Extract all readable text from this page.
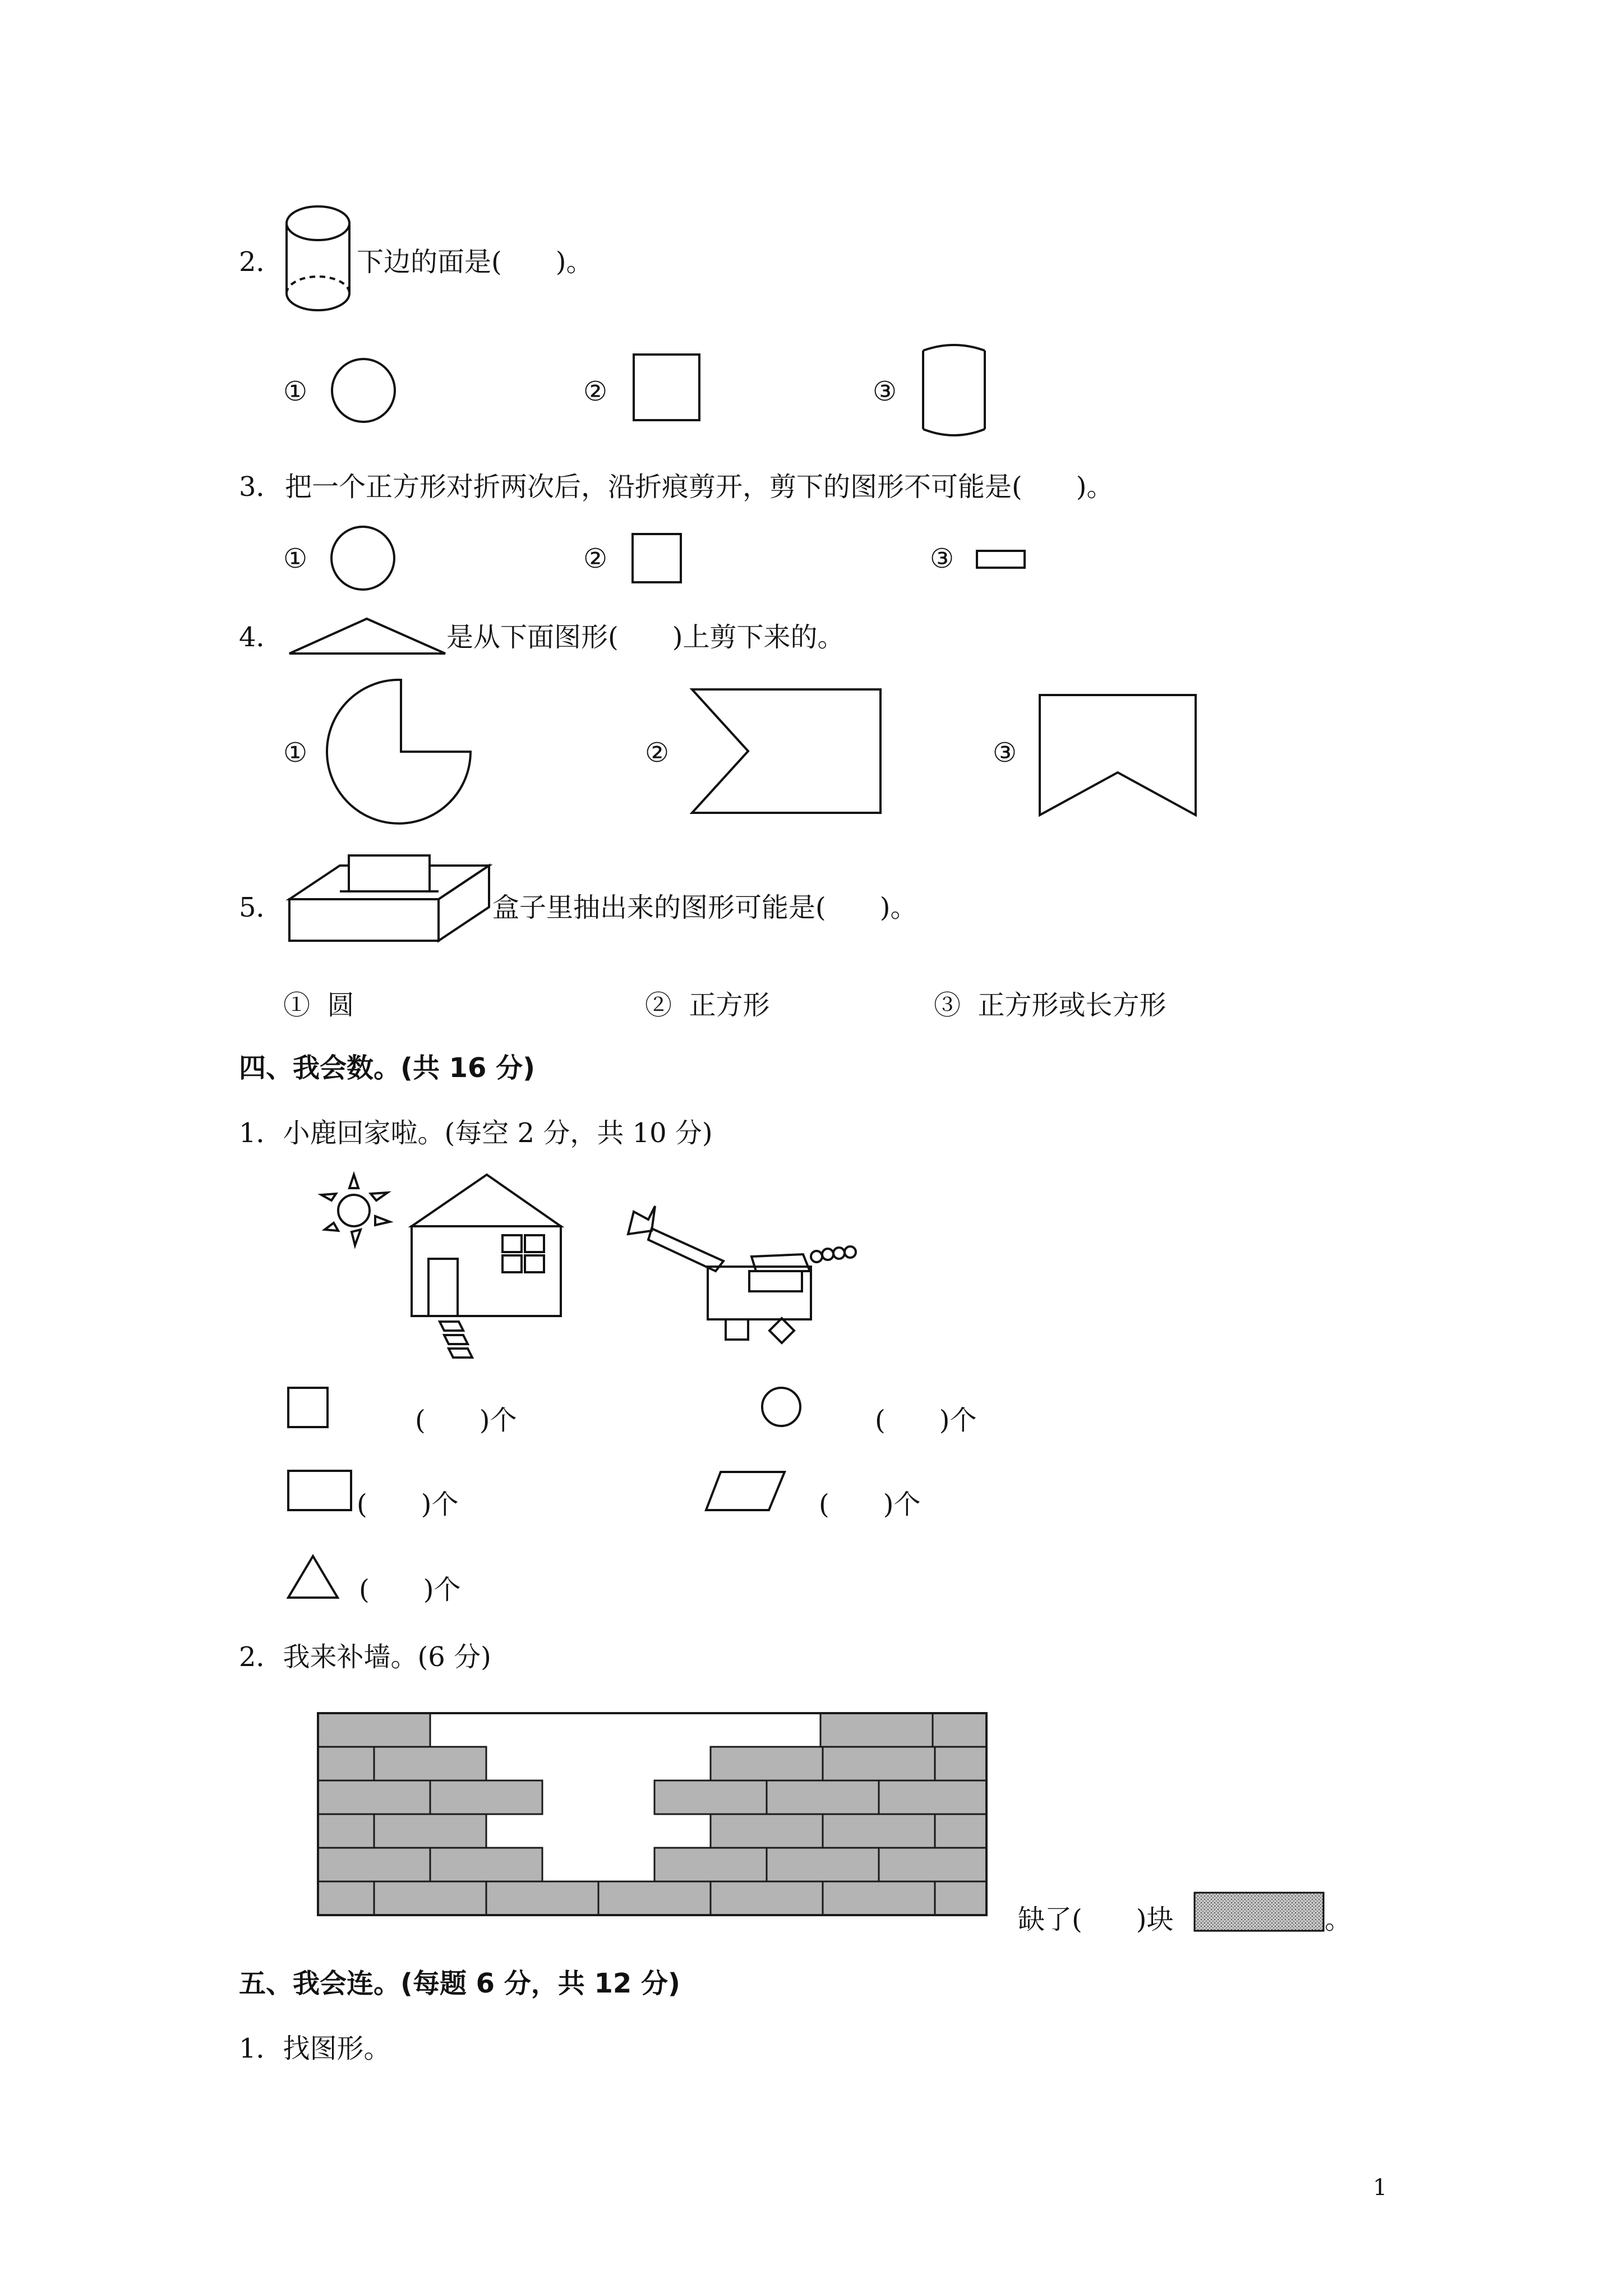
2．	下边的面是(　　)。
①	②	③
3． 把一个正方形对折两次后，沿折痕剪开，剪下的图形不可能是(　　)。
①	②	③
4．	是从下面图形(　　)上剪下来的。
①	②	③
5．	盒子里抽出来的图形可能是(　　)。
①  圆	②  正方形	③  正方形或长方形
四、我会数。(共 16 分)
1．小鹿回家啦。(每空 2 分，共 10 分)
(　　)个	(　　)个
(　　)个	(　　)个
(　　)个
2．我来补墙。(6 分)
缺了(　　)块	。
五、我会连。(每题 6 分，共 12 分)
1．找图形。
1
